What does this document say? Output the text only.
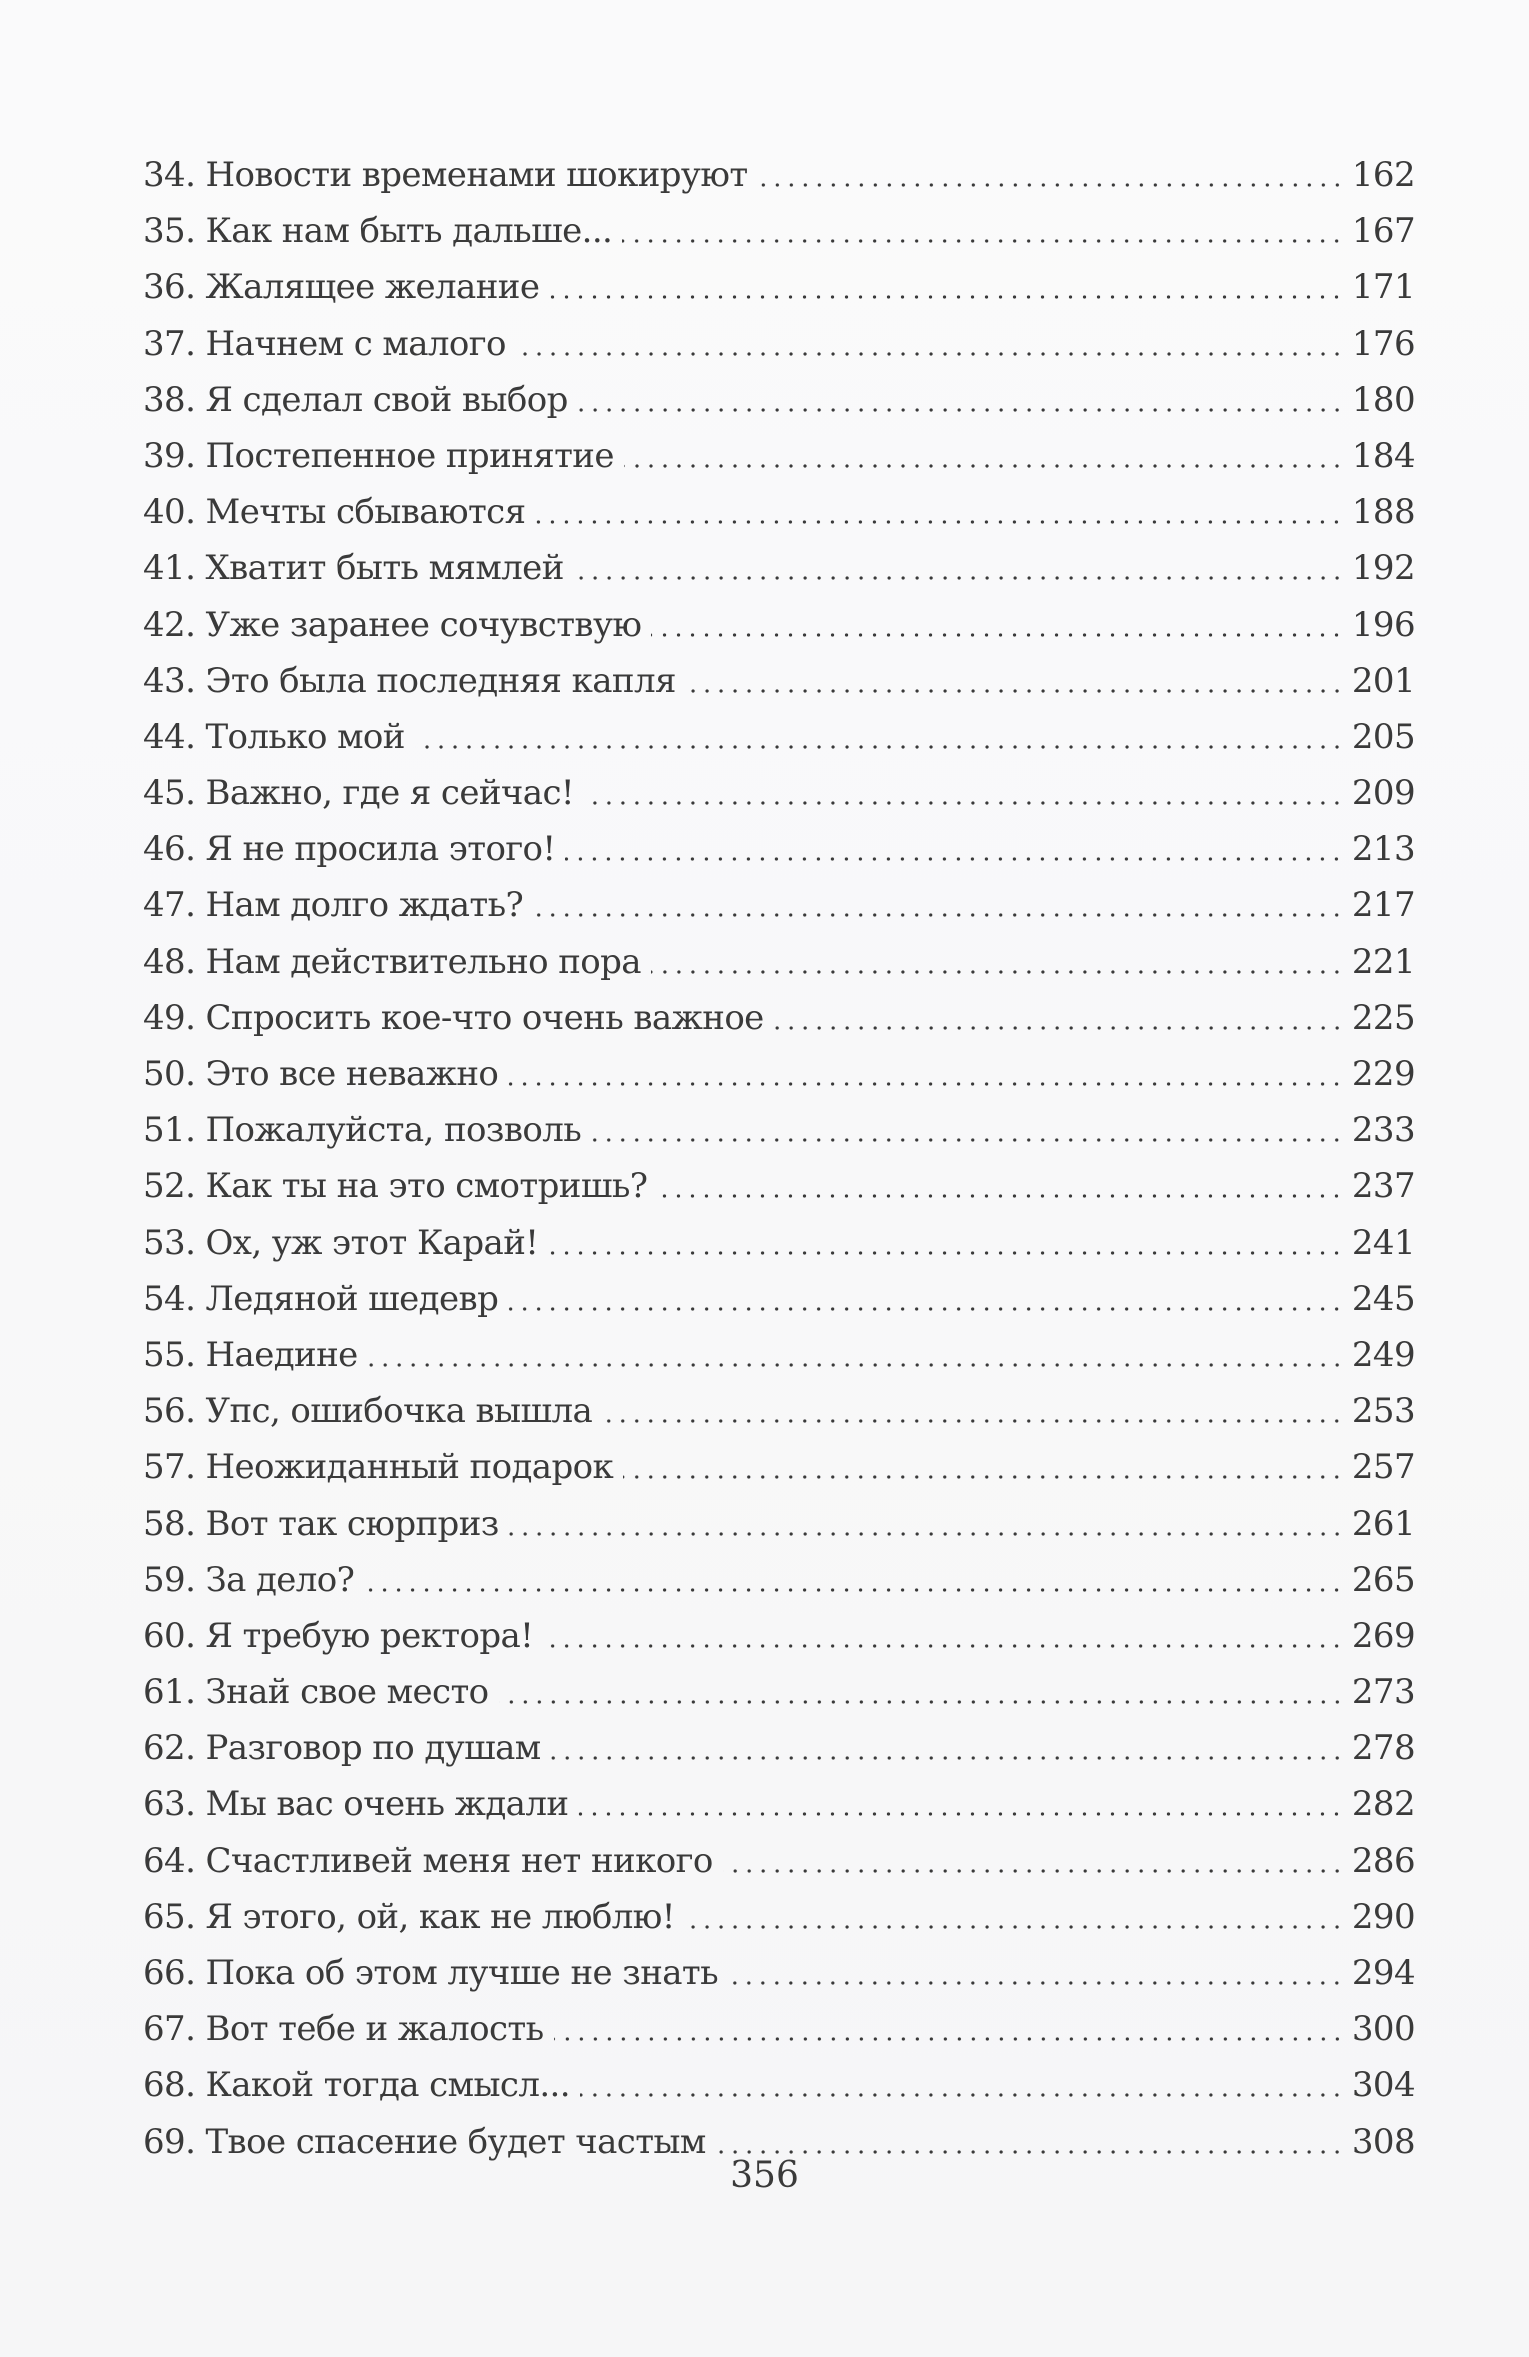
34. Новости временами шокируют	162
35. Как нам быть дальше...	167
36. Жалящее желание	171
37. Начнем с малого	176
38. Я сделал свой выбор	180
39. Постепенное принятие	184
40. Мечты сбываются	188
41. Хватит быть мямлей	192
42. Уже заранее сочувствую	196
43. Это была последняя капля	201
44. Только мой	205
45. Важно, где я сейчас!	209
46. Я не просила этого!	213
47. Нам долго ждать?	217
48. Нам действительно пора	221
49. Спросить кое-что очень важное	225
50. Это все неважно	229
51. Пожалуйста, позволь	233
52. Как ты на это смотришь?	237
53. Ох, уж этот Карай!	241
54. Ледяной шедевр	245
55. Наедине	249
56. Упс, ошибочка вышла	253
57. Неожиданный подарок	257
58. Вот так сюрприз	261
59. За дело?	265
60. Я требую ректора!	269
61. Знай свое место	273
62. Разговор по душам	278
63. Мы вас очень ждали	282
64. Счастливей меня нет никого	286
65. Я этого, ой, как не люблю!	290
66. Пока об этом лучше не знать	294
67. Вот тебе и жалость	300
68. Какой тогда смысл...	304
69. Твое спасение будет частым	308
356
